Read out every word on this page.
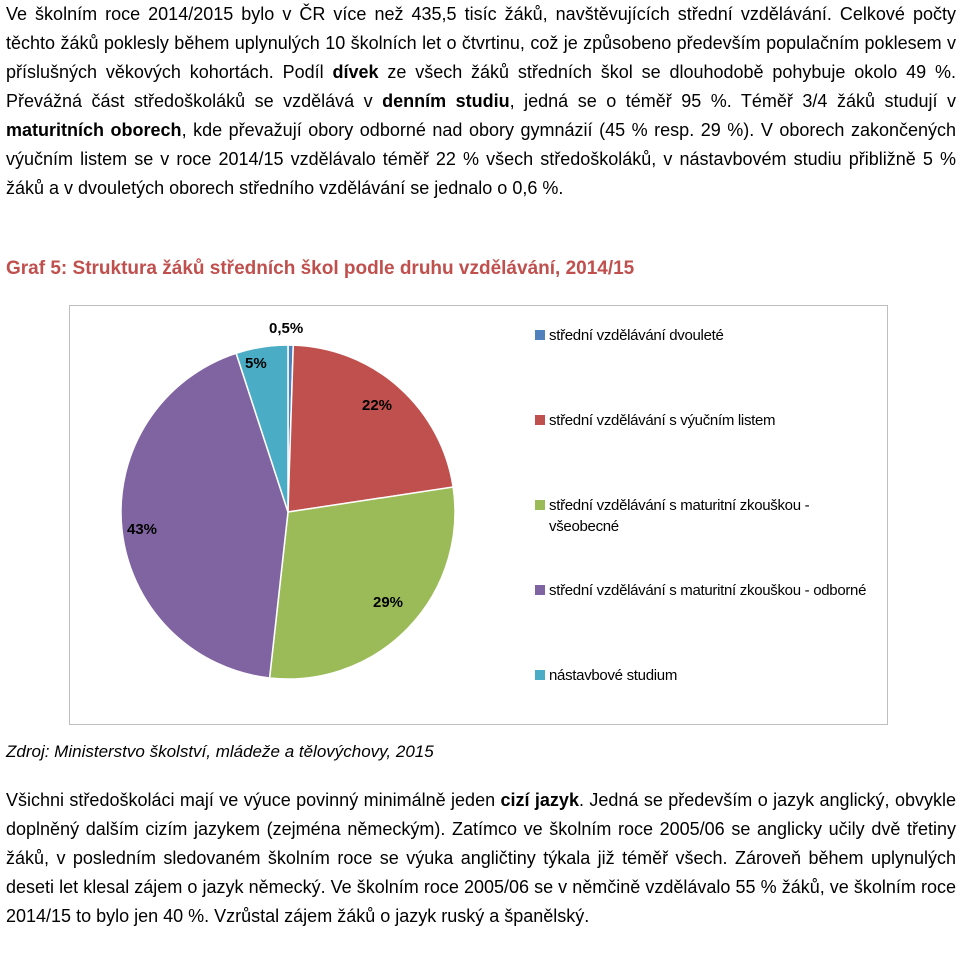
Ve školním roce 2014/2015 bylo v ČR více než 435,5 tisíc žáků, navštěvujících střední vzdělávání. Celkové počty těchto žáků poklesly během uplynulých 10 školních let o čtvrtinu, což je způsobeno především populačním poklesem v příslušných věkových kohortách. Podíl dívek ze všech žáků středních škol se dlouhodobě pohybuje okolo 49 %. Převážná část středoškoláků se vzdělává v denním studiu, jedná se o téměř 95 %. Téměř 3/4 žáků studují v maturitních oborech, kde převažují obory odborné nad obory gymnázií (45 % resp. 29 %). V oborech zakončených výučním listem se v roce 2014/15 vzdělávalo téměř 22 % všech středoškoláků, v nástavbovém studiu přibližně 5 % žáků a v dvouletých oborech středního vzdělávání se jednalo o 0,6 %.
Graf 5: Struktura žáků středních škol podle druhu vzdělávání, 2014/15
0,5%
22%
29%
43%
5%
střední vzdělávání dvouleté
střední vzdělávání s výučním listem
střední vzdělávání s maturitní zkouškou - všeobecné
střední vzdělávání s maturitní zkouškou - odborné
nástavbové studium
Zdroj: Ministerstvo školství, mládeže a tělovýchovy, 2015
Všichni středoškoláci mají ve výuce povinný minimálně jeden cizí jazyk. Jedná se především o jazyk anglický, obvykle doplněný dalším cizím jazykem (zejména německým). Zatímco ve školním roce 2005/06 se anglicky učily dvě třetiny žáků, v posledním sledovaném školním roce se výuka angličtiny týkala již téměř všech. Zároveň během uplynulých deseti let klesal zájem o jazyk německý. Ve školním roce 2005/06 se v němčině vzdělávalo 55 % žáků, ve školním roce 2014/15 to bylo jen 40 %. Vzrůstal zájem žáků o jazyk ruský a španělský.
